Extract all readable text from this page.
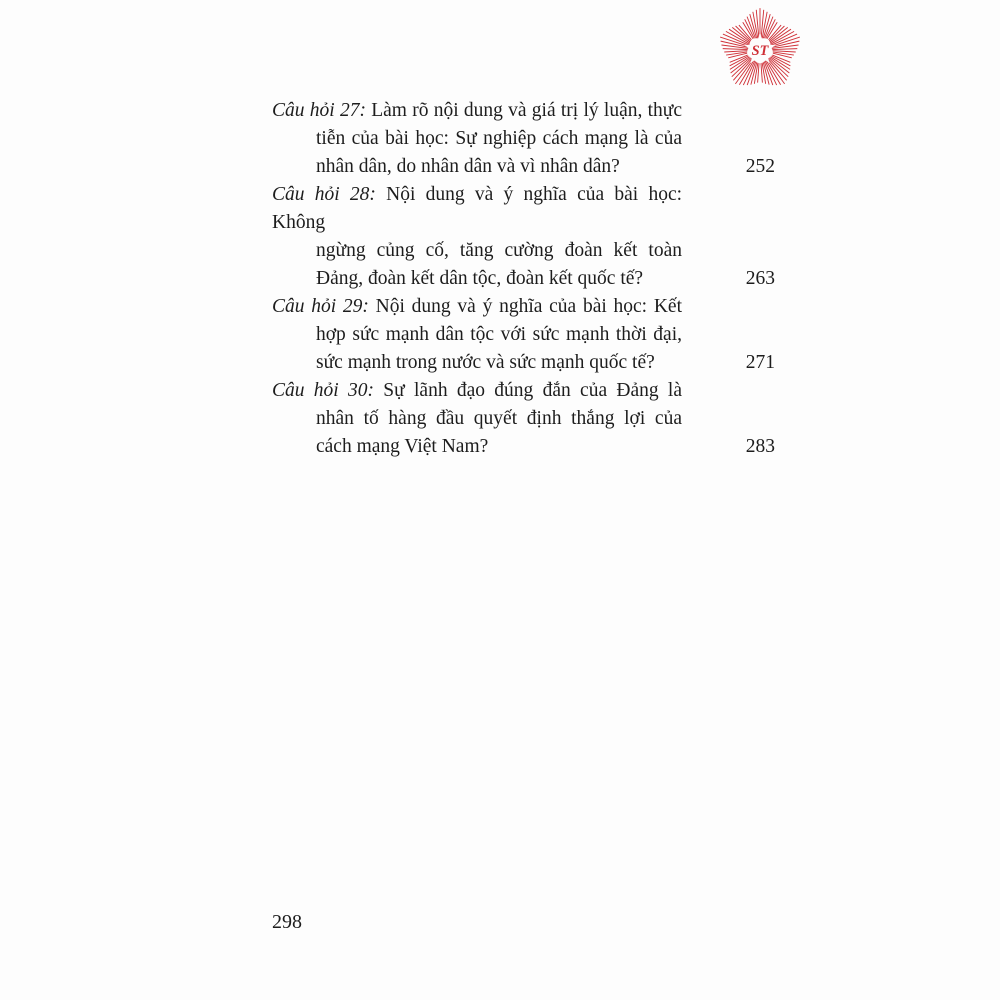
ST
Câu hỏi 27: Làm rõ nội dung và giá trị lý luận, thực
tiễn của bài học: Sự nghiệp cách mạng là của
nhân dân, do nhân dân và vì nhân dân?	252
Câu hỏi 28: Nội dung và ý nghĩa của bài học: Không
ngừng củng cố, tăng cường đoàn kết toàn
Đảng, đoàn kết dân tộc, đoàn kết quốc tế?	263
Câu hỏi 29: Nội dung và ý nghĩa của bài học: Kết
hợp sức mạnh dân tộc với sức mạnh thời đại,
sức mạnh trong nước và sức mạnh quốc tế?	271
Câu hỏi 30: Sự lãnh đạo đúng đắn của Đảng là
nhân tố hàng đầu quyết định thắng lợi của
cách mạng Việt Nam?	283
298
